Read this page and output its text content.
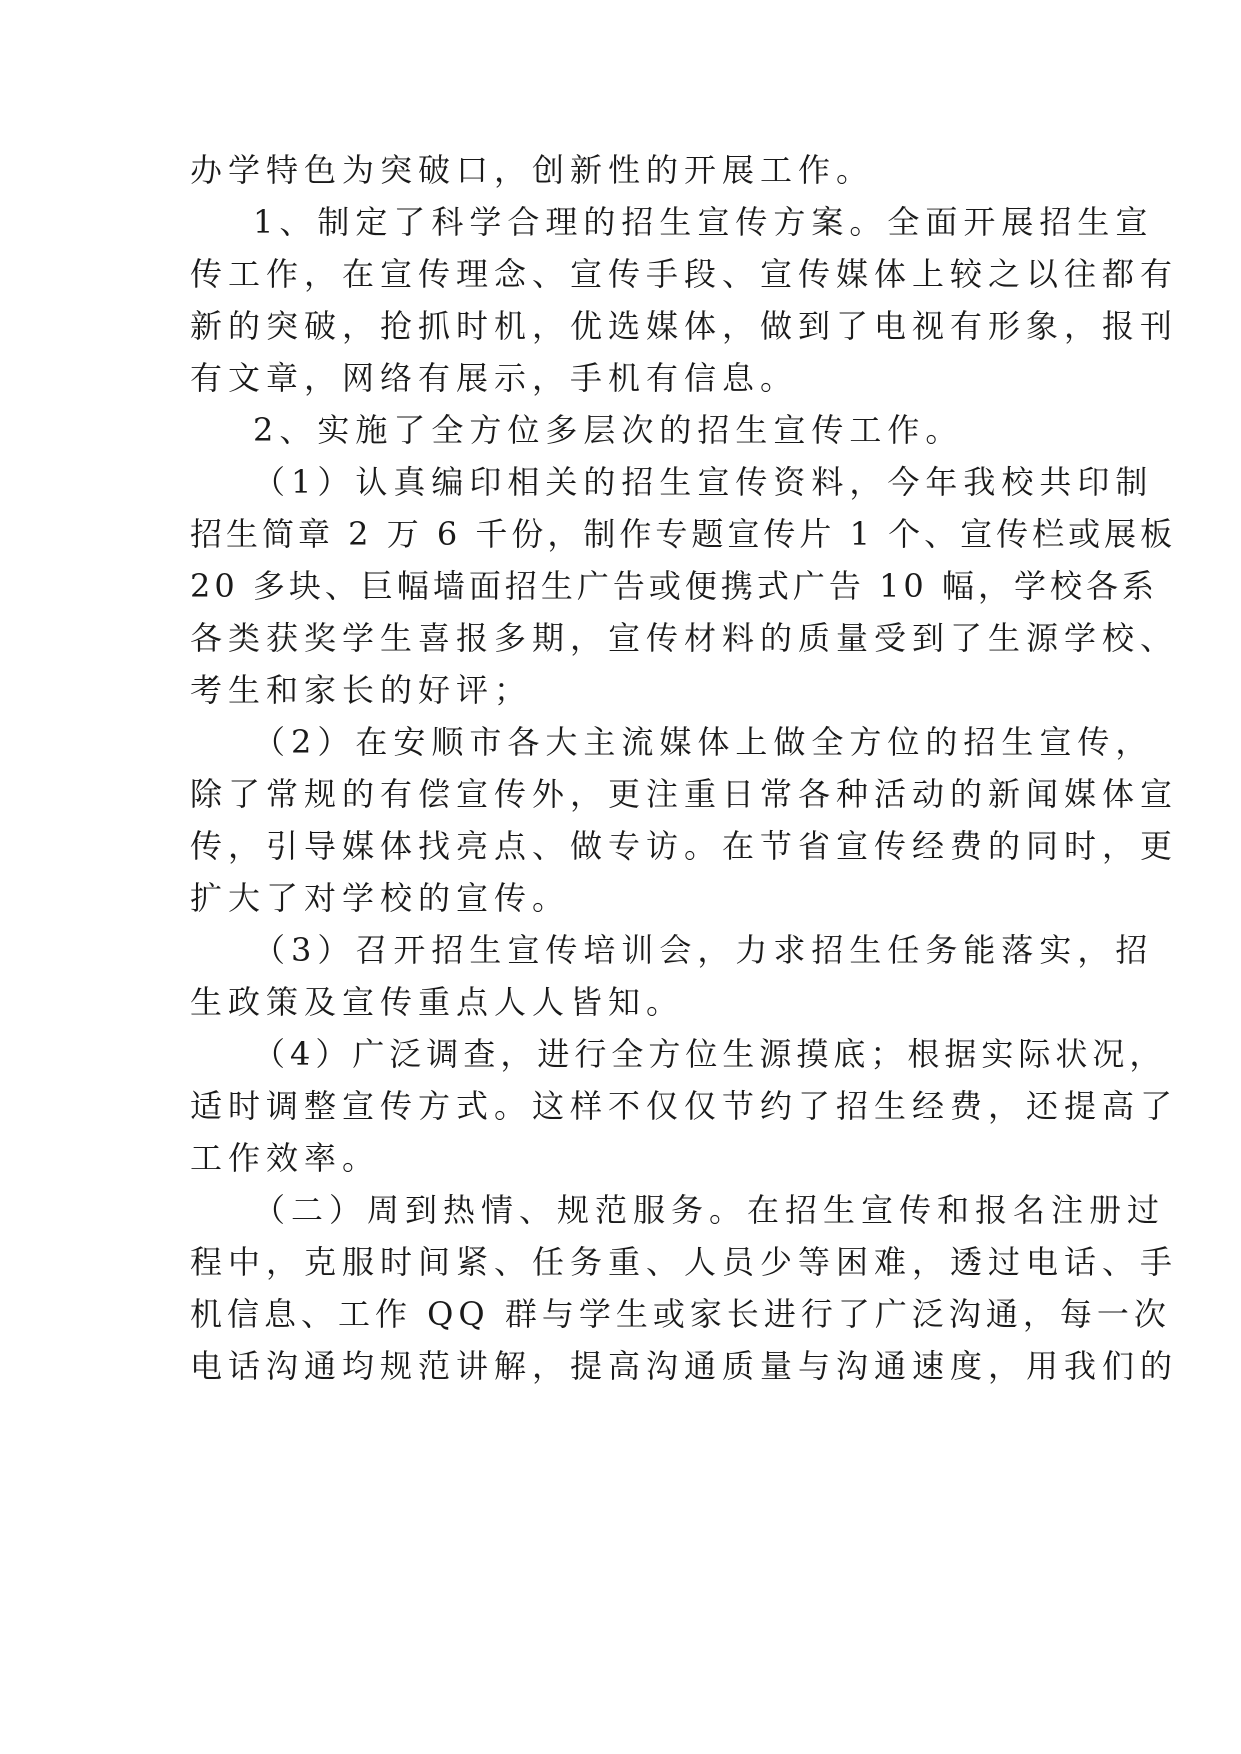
办学特色为突破口，创新性的开展工作。
1、制定了科学合理的招生宣传方案。全面开展招生宣
传工作，在宣传理念、宣传手段、宣传媒体上较之以往都有
新的突破，抢抓时机，优选媒体，做到了电视有形象，报刊
有文章，网络有展示，手机有信息。
2、实施了全方位多层次的招生宣传工作。
（1）认真编印相关的招生宣传资料，今年我校共印制
招生简章 2 万 6 千份，制作专题宣传片 1 个、宣传栏或展板
20 多块、巨幅墙面招生广告或便携式广告 10 幅，学校各系
各类获奖学生喜报多期，宣传材料的质量受到了生源学校、
考生和家长的好评；
（2）在安顺市各大主流媒体上做全方位的招生宣传，
除了常规的有偿宣传外，更注重日常各种活动的新闻媒体宣
传，引导媒体找亮点、做专访。在节省宣传经费的同时，更
扩大了对学校的宣传。
（3）召开招生宣传培训会，力求招生任务能落实，招
生政策及宣传重点人人皆知。
（4）广泛调查，进行全方位生源摸底；根据实际状况，
适时调整宣传方式。这样不仅仅节约了招生经费，还提高了
工作效率。
（二）周到热情、规范服务。在招生宣传和报名注册过
程中，克服时间紧、任务重、人员少等困难，透过电话、手
机信息、工作 QQ 群与学生或家长进行了广泛沟通，每一次
电话沟通均规范讲解，提高沟通质量与沟通速度，用我们的
